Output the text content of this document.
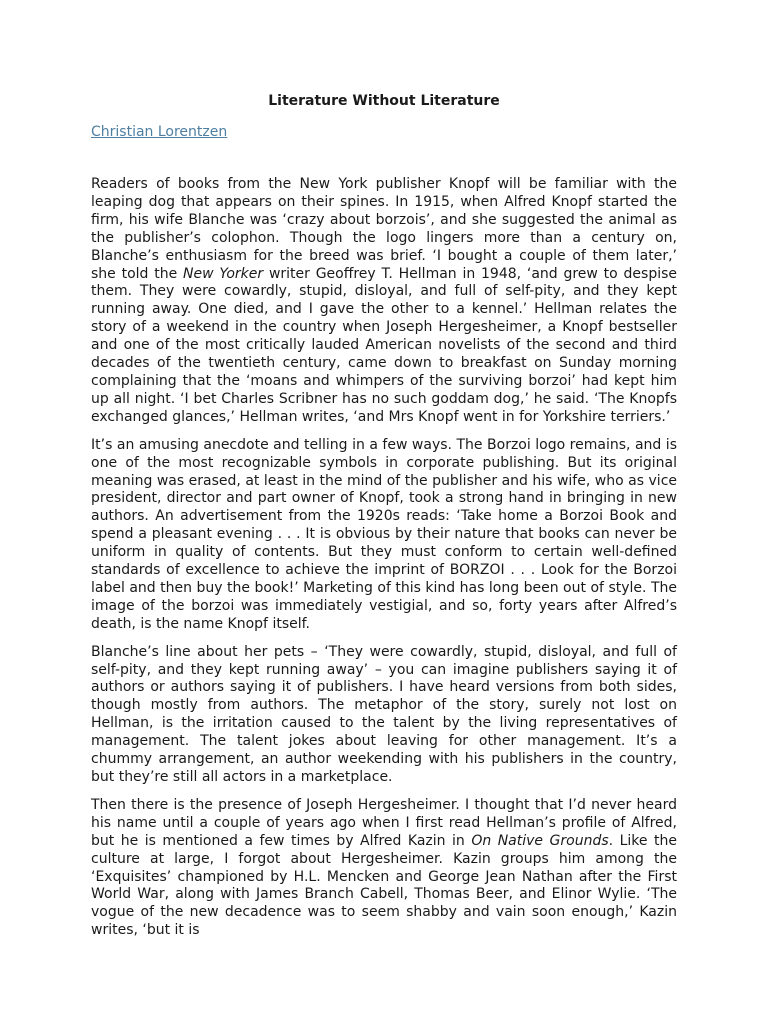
Literature Without Literature
Christian Lorentzen

Readers of books from the New York publisher Knopf will be familiar with the leaping dog that appears on their spines. In 1915, when Alfred Knopf started the firm, his wife Blanche was ‘crazy about borzois’, and she suggested the animal as the publisher’s colophon. Though the logo lingers more than a century on, Blanche’s enthusiasm for the breed was brief. ‘I bought a couple of them later,’ she told the New Yorker writer Geoffrey T. Hellman in 1948, ‘and grew to despise them. They were cowardly, stupid, disloyal, and full of self-pity, and they kept running away. One died, and I gave the other to a kennel.’ Hellman relates the story of a weekend in the country when Joseph Hergesheimer, a Knopf bestseller and one of the most critically lauded American novelists of the second and third decades of the twentieth century, came down to breakfast on Sunday morning complaining that the ‘moans and whimpers of the surviving borzoi’ had kept him up all night. ‘I bet Charles Scribner has no such goddam dog,’ he said. ‘The Knopfs exchanged glances,’ Hellman writes, ‘and Mrs Knopf went in for Yorkshire terriers.’

It’s an amusing anecdote and telling in a few ways. The Borzoi logo remains, and is one of the most recognizable symbols in corporate publishing. But its original meaning was erased, at least in the mind of the publisher and his wife, who as vice president, director and part owner of Knopf, took a strong hand in bringing in new authors. An advertisement from the 1920s reads: ‘Take home a Borzoi Book and spend a pleasant evening . . . It is obvious by their nature that books can never be uniform in quality of contents. But they must conform to certain well-defined standards of excellence to achieve the imprint of BORZOI . . . Look for the Borzoi label and then buy the book!’ Marketing of this kind has long been out of style. The image of the borzoi was immediately vestigial, and so, forty years after Alfred’s death, is the name Knopf itself.

Blanche’s line about her pets – ‘They were cowardly, stupid, disloyal, and full of self-pity, and they kept running away’ – you can imagine publishers saying it of authors or authors saying it of publishers. I have heard versions from both sides, though mostly from authors. The metaphor of the story, surely not lost on Hellman, is the irritation caused to the talent by the living representatives of management. The talent jokes about leaving for other management. It’s a chummy arrangement, an author weekending with his publishers in the country, but they’re still all actors in a marketplace.

Then there is the presence of Joseph Hergesheimer. I thought that I’d never heard his name until a couple of years ago when I first read Hellman’s profile of Alfred, but he is mentioned a few times by Alfred Kazin in On Native Grounds. Like the culture at large, I forgot about Hergesheimer. Kazin groups him among the ‘Exquisites’ championed by H.L. Mencken and George Jean Nathan after the First World War, along with James Branch Cabell, Thomas Beer, and Elinor Wylie. ‘The vogue of the new decadence was to seem shabby and vain soon enough,’ Kazin writes, ‘but it is
